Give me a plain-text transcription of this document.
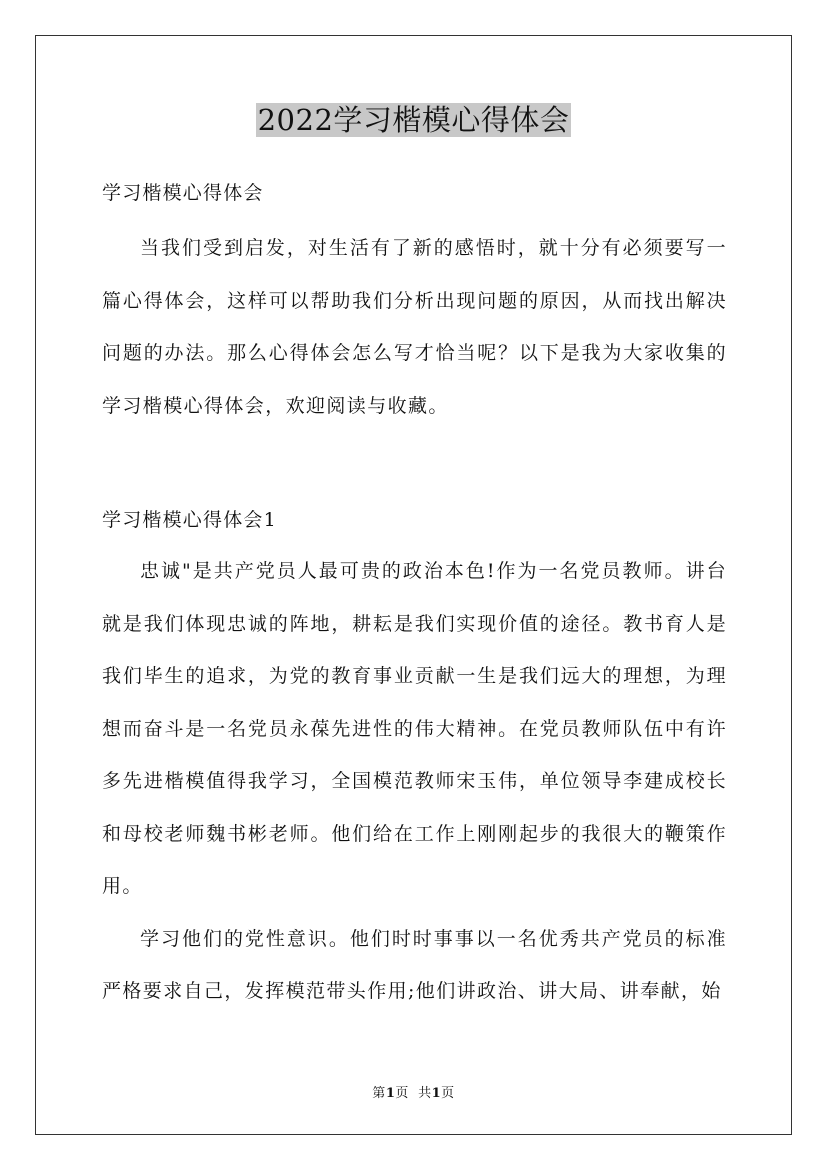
2022学习楷模心得体会
学习楷模心得体会

当我们受到启发，对生活有了新的感悟时，就十分有必须要写一篇心得体会，这样可以帮助我们分析出现问题的原因，从而找出解决问题的办法。那么心得体会怎么写才恰当呢？以下是我为大家收集的学习楷模心得体会，欢迎阅读与收藏。

学习楷模心得体会1

忠诚"是共产党员人最可贵的政治本色!作为一名党员教师。讲台就是我们体现忠诚的阵地，耕耘是我们实现价值的途径。教书育人是我们毕生的追求，为党的教育事业贡献一生是我们远大的理想，为理想而奋斗是一名党员永葆先进性的伟大精神。在党员教师队伍中有许多先进楷模值得我学习，全国模范教师宋玉伟，单位领导李建成校长和母校老师魏书彬老师。他们给在工作上刚刚起步的我很大的鞭策作用。

学习他们的党性意识。他们时时事事以一名优秀共产党员的标准严格要求自己，发挥模范带头作用;他们讲政治、讲大局、讲奉献，始

第1页  共1页
